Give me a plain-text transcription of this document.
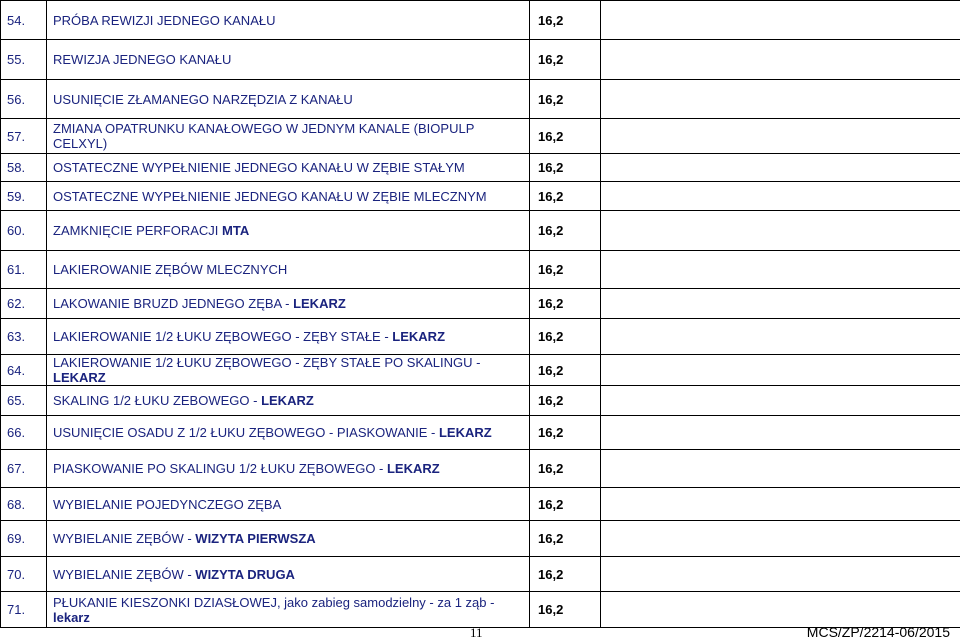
54.	PRÓBA REWIZJI JEDNEGO KANAŁU	16,2	
55.	REWIZJA JEDNEGO KANAŁU	16,2	
56.	USUNIĘCIE ZŁAMANEGO NARZĘDZIA Z KANAŁU	16,2	
57.	ZMIANA OPATRUNKU KANAŁOWEGO W JEDNYM KANALE (BIOPULP CELXYL)	16,2	
58.	OSTATECZNE WYPEŁNIENIE JEDNEGO KANAŁU W ZĘBIE STAŁYM	16,2	
59.	OSTATECZNE WYPEŁNIENIE JEDNEGO KANAŁU W ZĘBIE MLECZNYM	16,2	
60.	ZAMKNIĘCIE PERFORACJI MTA	16,2	
61.	LAKIEROWANIE ZĘBÓW MLECZNYCH	16,2	
62.	LAKOWANIE BRUZD JEDNEGO ZĘBA - LEKARZ	16,2	
63.	LAKIEROWANIE 1/2 ŁUKU ZĘBOWEGO - ZĘBY STAŁE - LEKARZ	16,2	
64.	LAKIEROWANIE 1/2 ŁUKU ZĘBOWEGO - ZĘBY STAŁE PO SKALINGU - LEKARZ	16,2	
65.	SKALING 1/2 ŁUKU ZEBOWEGO - LEKARZ	16,2	
66.	USUNIĘCIE OSADU Z 1/2 ŁUKU ZĘBOWEGO - PIASKOWANIE - LEKARZ	16,2	
67.	PIASKOWANIE PO SKALINGU 1/2 ŁUKU ZĘBOWEGO - LEKARZ	16,2	
68.	WYBIELANIE POJEDYNCZEGO ZĘBA	16,2	
69.	WYBIELANIE ZĘBÓW - WIZYTA PIERWSZA	16,2	
70.	WYBIELANIE ZĘBÓW - WIZYTA DRUGA	16,2	
71.	PŁUKANIE KIESZONKI DZIASŁOWEJ, jako zabieg samodzielny - za 1 ząb - lekarz	16,2	
11	MCS/ZP/2214-06/2015
